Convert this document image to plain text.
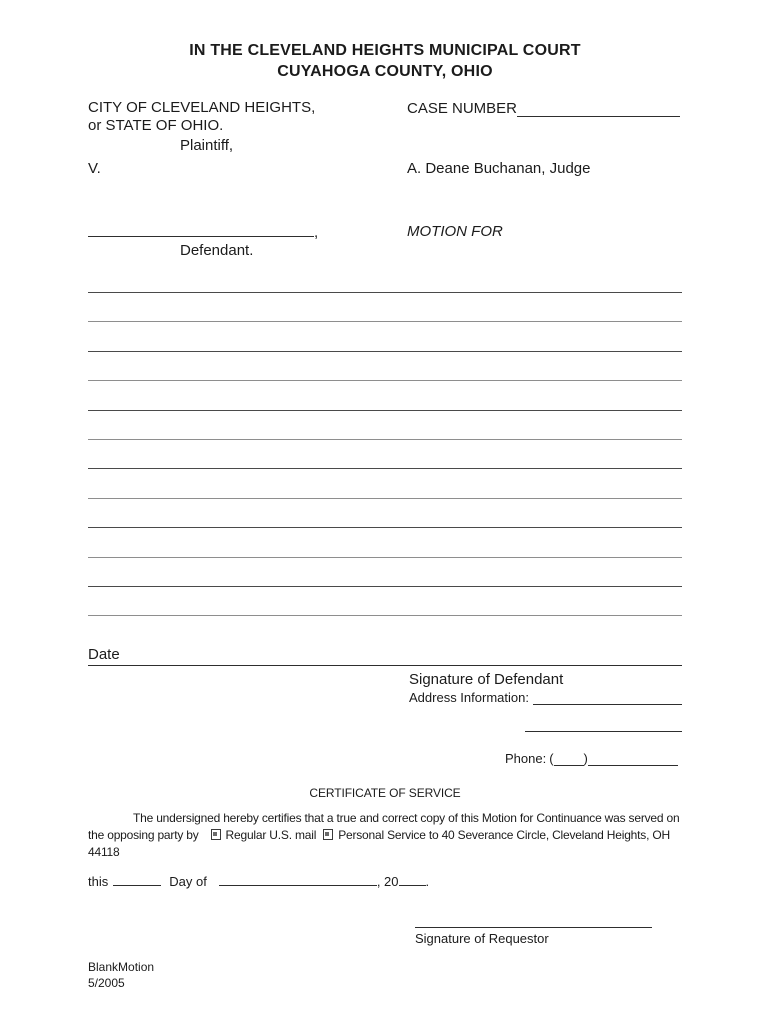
IN THE CLEVELAND HEIGHTS MUNICIPAL COURT
CUYAHOGA COUNTY, OHIO
CITY OF CLEVELAND HEIGHTS,
or STATE OF OHIO.
Plaintiff,
V.
CASE NUMBER
A. Deane Buchanan, Judge
,	MOTION FOR
Defendant.
Date
Signature of Defendant
Address Information:
Phone: ( )
CERTIFICATE OF SERVICE
The undersigned hereby certifies that a true and correct copy of this Motion for Continuance was served on
the opposing party by Regular U.S. mail Personal Service to 40 Severance Circle, Cleveland Heights, OH
44118
this	Day of	, 20 .
Signature of Requestor
BlankMotion
5/2005
